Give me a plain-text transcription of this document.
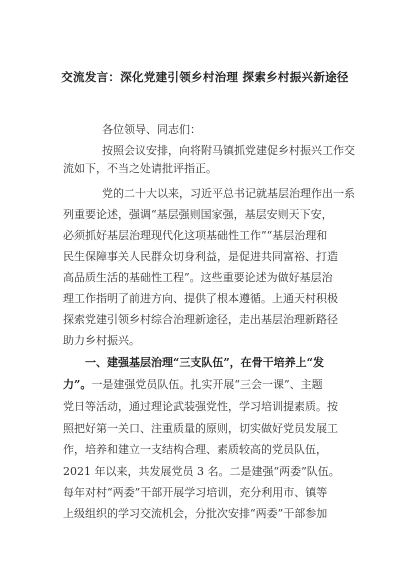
交流发言：深化党建引领乡村治理 探索乡村振兴新途径
各位领导、同志们：
按照会议安排，向将附马镇抓党建促乡村振兴工作交
流如下，不当之处请批评指正。
党的二十大以来，习近平总书记就基层治理作出一系
列重要论述，强调“基层强则国家强，基层安则天下安，
必须抓好基层治理现代化这项基础性工作”“基层治理和
民生保障事关人民群众切身利益，是促进共同富裕、打造
高品质生活的基础性工程”。这些重要论述为做好基层治
理工作指明了前进方向、提供了根本遵循。上通天村积极
探索党建引领乡村综合治理新途径，走出基层治理新路径
助力乡村振兴。
一、建强基层治理“三支队伍”，在骨干培养上“发
力”。一是建强党员队伍。扎实开展“三会一课”、主题
党日等活动，通过理论武装强党性，学习培训提素质。按
照把好第一关口、注重质量的原则，切实做好党员发展工
作，培养和建立一支结构合理、素质较高的党员队伍，
2021 年以来，共发展党员 3 名。二是建强“两委”队伍。
每年对村“两委”干部开展学习培训，充分利用市、镇等
上级组织的学习交流机会，分批次安排“两委”干部参加
